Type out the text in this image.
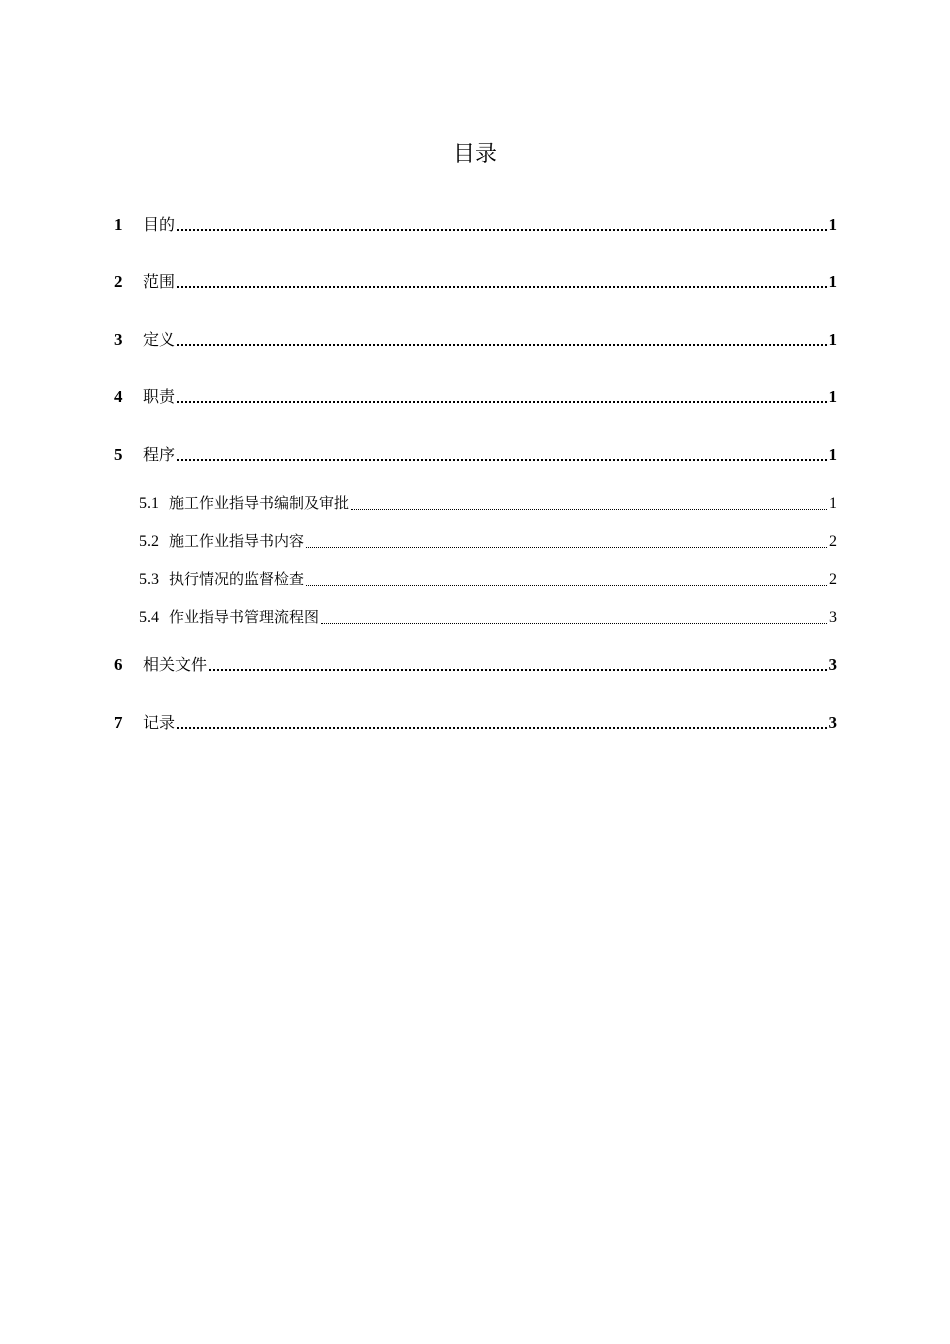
目录
1	目的	1
2	范围	1
3	定义	1
4	职责	1
5	程序	1
5.1 施工作业指导书编制及审批	1
5.2 施工作业指导书内容	2
5.3 执行情况的监督检查	2
5.4 作业指导书管理流程图	3
6	相关文件	3
7	记录	3
